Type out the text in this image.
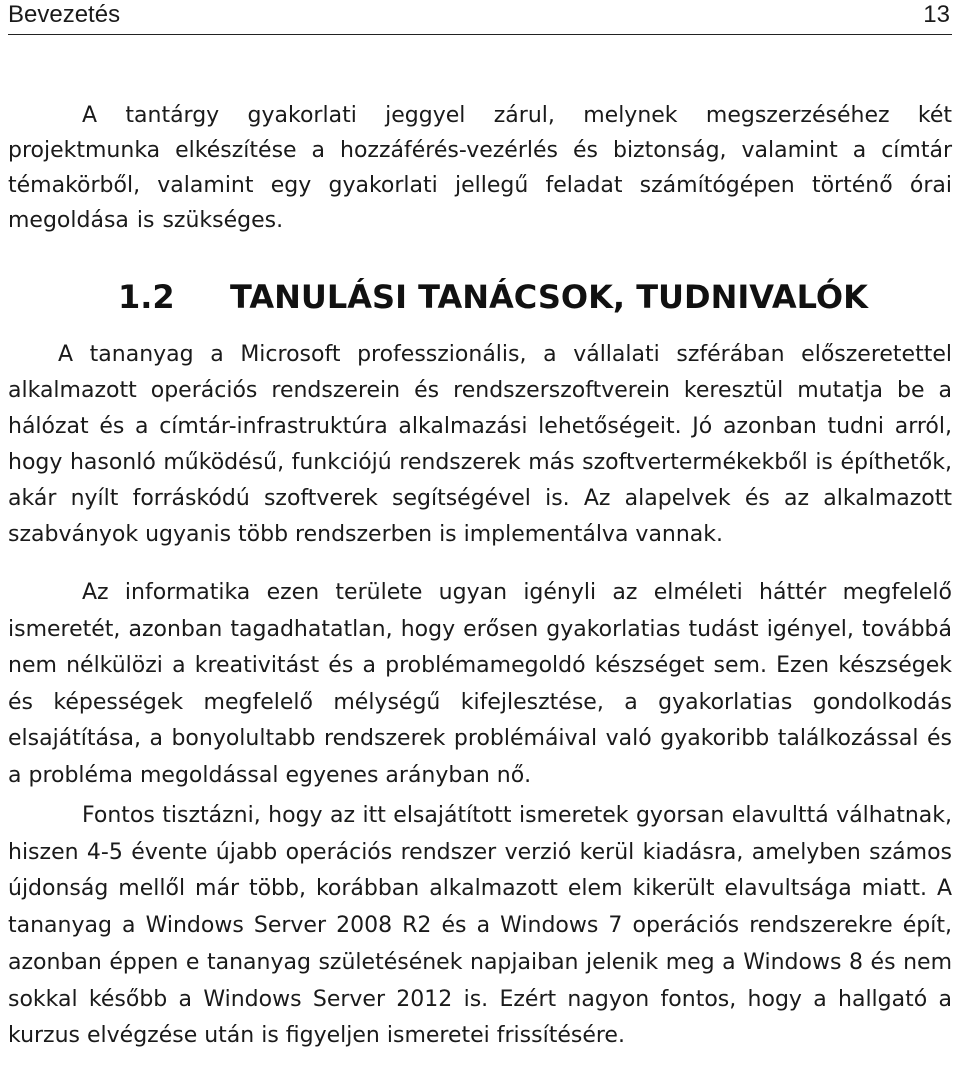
Bevezetés	13

A tantárgy gyakorlati jeggyel zárul, melynek megszerzéséhez két projektmunka elkészítése a hozzáférés-vezérlés és biztonság, valamint a címtár témakörből, valamint egy gyakorlati jellegű feladat számítógépen történő órai megoldása is szükséges.

1.2 TANULÁSI TANÁCSOK, TUDNIVALÓK

A tananyag a Microsoft professzionális, a vállalati szférában előszeretettel alkalmazott operációs rendszerein és rendszerszoftverein keresztül mutatja be a hálózat és a címtár-infrastruktúra alkalmazási lehetőségeit. Jó azonban tudni arról, hogy hasonló működésű, funkciójú rendszerek más szoftvertermékekből is építhetők, akár nyílt forráskódú szoftverek segítségével is. Az alapelvek és az alkalmazott szabványok ugyanis több rendszerben is implementálva vannak.

Az informatika ezen területe ugyan igényli az elméleti háttér megfelelő ismeretét, azonban tagadhatatlan, hogy erősen gyakorlatias tudást igényel, továbbá nem nélkülözi a kreativitást és a problémamegoldó készséget sem. Ezen készségek és képességek megfelelő mélységű kifejlesztése, a gyakorlatias gondolkodás elsajátítása, a bonyolultabb rendszerek problémáival való gyakoribb találkozással és a probléma megoldással egyenes arányban nő.

Fontos tisztázni, hogy az itt elsajátított ismeretek gyorsan elavulttá válhatnak, hiszen 4-5 évente újabb operációs rendszer verzió kerül kiadásra, amelyben számos újdonság mellől már több, korábban alkalmazott elem kikerült elavultsága miatt. A tananyag a Windows Server 2008 R2 és a Windows 7 operációs rendszerekre épít, azonban éppen e tananyag születésének napjaiban jelenik meg a Windows 8 és nem sokkal később a Windows Server 2012 is. Ezért nagyon fontos, hogy a hallgató a kurzus elvégzése után is figyeljen ismeretei frissítésére.
